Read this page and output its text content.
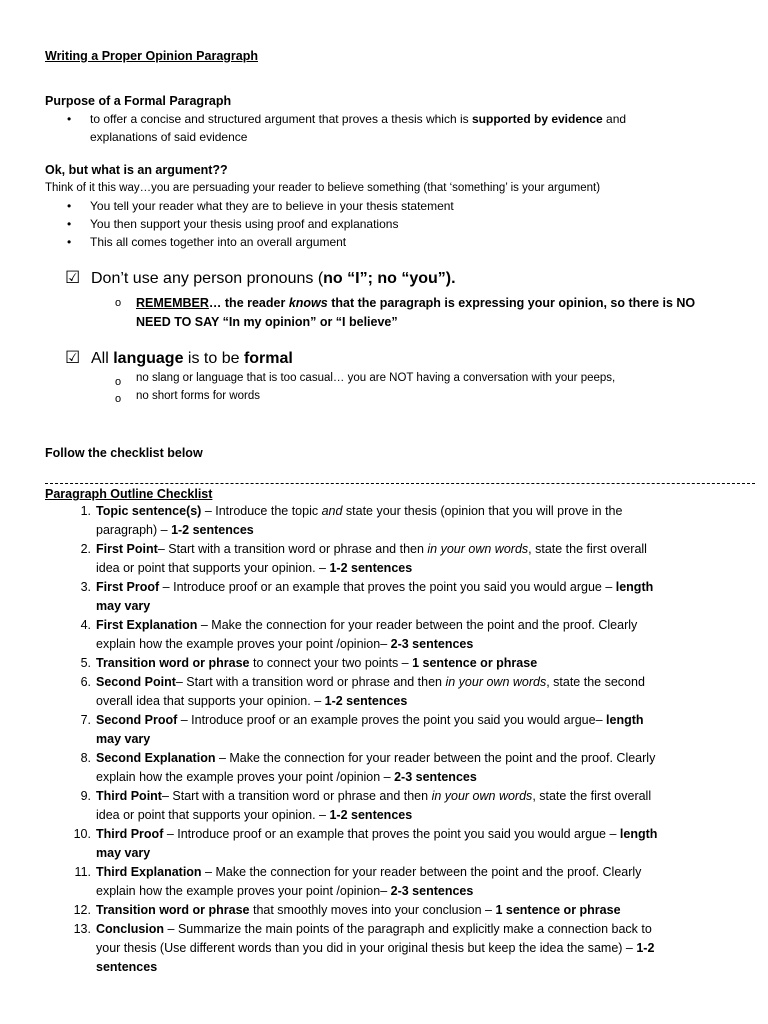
Writing a Proper Opinion Paragraph
Purpose of a Formal Paragraph
• to offer a concise and structured argument that proves a thesis which is supported by evidence and
explanations of said evidence
Ok, but what is an argument??
Think of it this way…you are persuading your reader to believe something (that ‘something’ is your argument)
• You tell your reader what they are to believe in your thesis statement
• You then support your thesis using proof and explanations
• This all comes together into an overall argument
☑ Don’t use any person pronouns (no “I”; no “you”).
o REMEMBER… the reader knows that the paragraph is expressing your opinion, so there is NO
NEED TO SAY “In my opinion” or “I believe”
☑ All language is to be formal
o no slang or language that is too casual… you are NOT having a conversation with your peeps,
o no short forms for words
Follow the checklist below
Paragraph Outline Checklist
1. Topic sentence(s) – Introduce the topic and state your thesis (opinion that you will prove in the
paragraph) – 1-2 sentences
2. First Point– Start with a transition word or phrase and then in your own words, state the first overall
idea or point that supports your opinion. – 1-2 sentences
3. First Proof – Introduce proof or an example that proves the point you said you would argue – length
may vary
4. First Explanation – Make the connection for your reader between the point and the proof. Clearly
explain how the example proves your point /opinion– 2-3 sentences
5. Transition word or phrase to connect your two points – 1 sentence or phrase
6. Second Point– Start with a transition word or phrase and then in your own words, state the second
overall idea that supports your opinion. – 1-2 sentences
7. Second Proof – Introduce proof or an example proves the point you said you would argue– length
may vary
8. Second Explanation – Make the connection for your reader between the point and the proof. Clearly
explain how the example proves your point /opinion – 2-3 sentences
9. Third Point– Start with a transition word or phrase and then in your own words, state the first overall
idea or point that supports your opinion. – 1-2 sentences
10. Third Proof – Introduce proof or an example that proves the point you said you would argue – length
may vary
11. Third Explanation – Make the connection for your reader between the point and the proof. Clearly
explain how the example proves your point /opinion– 2-3 sentences
12. Transition word or phrase that smoothly moves into your conclusion – 1 sentence or phrase
13. Conclusion – Summarize the main points of the paragraph and explicitly make a connection back to
your thesis (Use different words than you did in your original thesis but keep the idea the same) – 1-2
sentences
